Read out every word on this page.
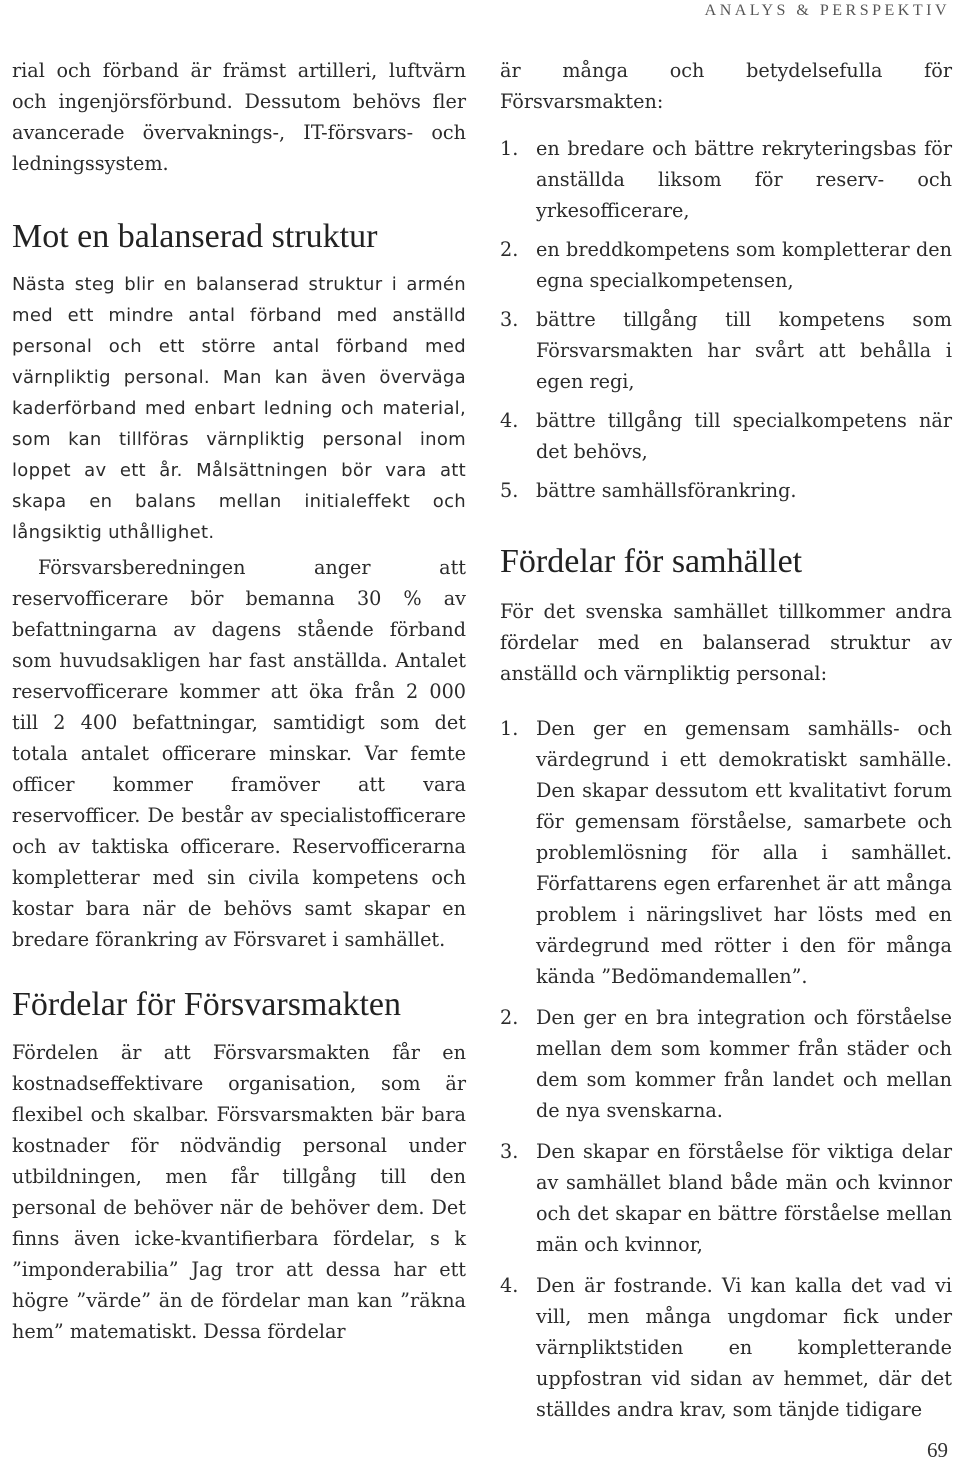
ANALYS & PERSPEKTIV

rial och förband är främst artilleri, luftvärn och ingenjörsförbund. Dessutom behövs fler avancerade övervaknings-, IT-försvars- och ledningssystem.

Mot en balanserad struktur

Nästa steg blir en balanserad struktur i armén med ett mindre antal förband med anställd personal och ett större antal förband med värnpliktig personal. Man kan även överväga kaderförband med enbart ledning och material, som kan tillföras värnpliktig personal inom loppet av ett år. Målsättningen bör vara att skapa en balans mellan initialeffekt och långsiktig uthållighet.

Försvarsberedningen anger att reservofficerare bör bemanna 30 % av befattningarna av dagens stående förband som huvudsakligen har fast anställda. Antalet reservofficerare kommer att öka från 2 000 till 2 400 befattningar, samtidigt som det totala antalet officerare minskar. Var femte officer kommer framöver att vara reservofficer. De består av specialistofficerare och av taktiska officerare. Reservofficerarna kompletterar med sin civila kompetens och kostar bara när de behövs samt skapar en bredare förankring av Försvaret i samhället.

Fördelar för Försvarsmakten

Fördelen är att Försvarsmakten får en kostnadseffektivare organisation, som är flexibel och skalbar. Försvarsmakten bär bara kostnader för nödvändig personal under utbildningen, men får tillgång till den personal de behöver när de behöver dem. Det finns även icke-kvantifierbara fördelar, s k ”imponderabilia” Jag tror att dessa har ett högre ”värde” än de fördelar man kan ”räkna hem” matematiskt. Dessa fördelar

är många och betydelsefulla för Försvarsmakten:

1. en bredare och bättre rekryteringsbas för anställda liksom för reserv- och yrkesofficerare,
2. en breddkompetens som kompletterar den egna specialkompetensen,
3. bättre tillgång till kompetens som Försvarsmakten har svårt att behålla i egen regi,
4. bättre tillgång till specialkompetens när det behövs,
5. bättre samhällsförankring.
Fördelar för samhället

För det svenska samhället tillkommer andra fördelar med en balanserad struktur av anställd och värnpliktig personal:

1. Den ger en gemensam samhälls- och värdegrund i ett demokratiskt samhälle. Den skapar dessutom ett kvalitativt forum för gemensam förståelse, samarbete och problemlösning för alla i samhället. Författarens egen erfarenhet är att många problem i näringslivet har lösts med en värdegrund med rötter i den för många kända ”Bedömandemallen”.
2. Den ger en bra integration och förståelse mellan dem som kommer från städer och dem som kommer från landet och mellan de nya svenskarna.
3. Den skapar en förståelse för viktiga delar av samhället bland både män och kvinnor och det skapar en bättre förståelse mellan män och kvinnor,
4. Den är fostrande. Vi kan kalla det vad vi vill, men många ungdomar fick under värnpliktstiden en kompletterande uppfostran vid sidan av hemmet, där det ställdes andra krav, som tänjde tidigare
69
